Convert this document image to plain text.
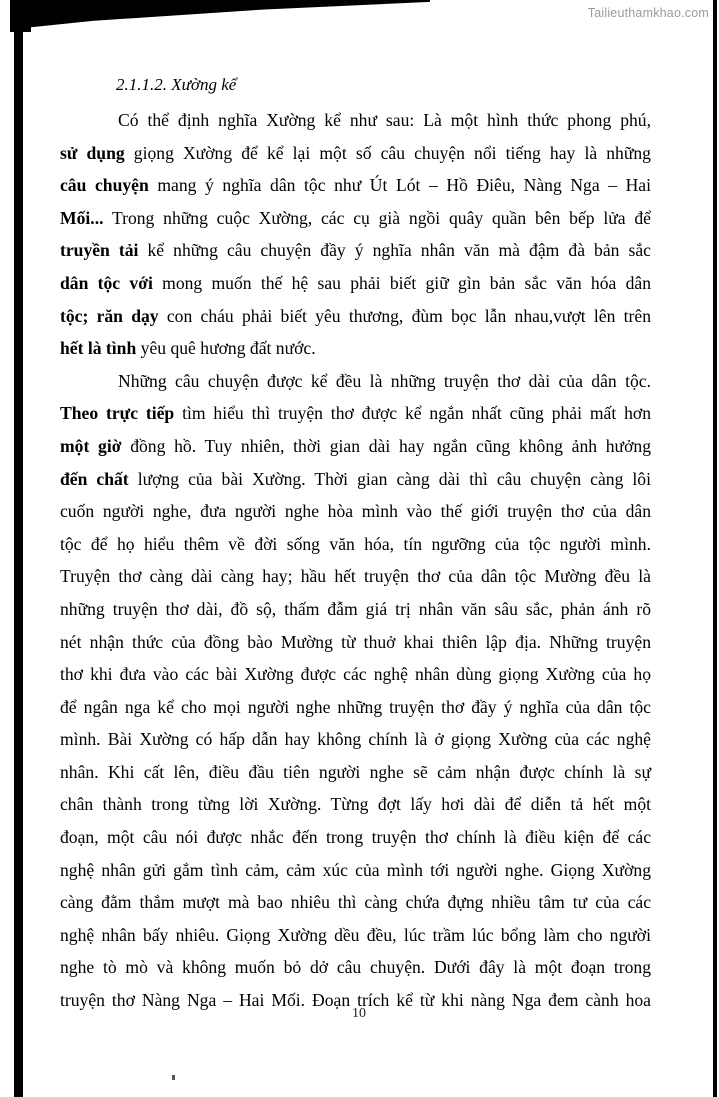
Tailieuthamkhao.com
2.1.1.2. Xường kể
Có thể định nghĩa Xường kể như sau: Là một hình thức phong phú,
sử dụng giọng Xường để kể lại một số câu chuyện nổi tiếng hay là những
câu chuyện mang ý nghĩa dân tộc như Út Lót – Hồ Điêu, Nàng Nga – Hai
Mối... Trong những cuộc Xường, các cụ già ngồi quây quần bên bếp lửa để
truyền tải kể những câu chuyện đầy ý nghĩa nhân văn mà đậm đà bản sắc
dân tộc với mong muốn thế hệ sau phải biết giữ gìn bản sắc văn hóa dân
tộc; răn dạy con cháu phải biết yêu thương, đùm bọc lẫn nhau,vượt lên trên
hết là tình yêu quê hương đất nước.
Những câu chuyện được kể đều là những truyện thơ dài của dân tộc.
Theo trực tiếp tìm hiểu thì truyện thơ được kể ngắn nhất cũng phải mất hơn
một giờ đồng hồ. Tuy nhiên, thời gian dài hay ngắn cũng không ảnh hưởng
đến chất lượng của bài Xường. Thời gian càng dài thì câu chuyện càng lôi
cuốn người nghe, đưa người nghe hòa mình vào thế giới truyện thơ của dân
tộc để họ hiểu thêm về đời sống văn hóa, tín ngưỡng của tộc người mình.
Truyện thơ càng dài càng hay; hầu hết truyện thơ của dân tộc Mường đều là
những truyện thơ dài, đồ sộ, thấm đẫm giá trị nhân văn sâu sắc, phản ánh rõ
nét nhận thức của đồng bào Mường từ thuở khai thiên lập địa. Những truyện
thơ khi đưa vào các bài Xường được các nghệ nhân dùng giọng Xường của họ
để ngân nga kể cho mọi người nghe những truyện thơ đầy ý nghĩa của dân tộc
mình. Bài Xường có hấp dẫn hay không chính là ở giọng Xường của các nghệ
nhân. Khi cất lên, điều đầu tiên người nghe sẽ cảm nhận được chính là sự
chân thành trong từng lời Xường. Từng đợt lấy hơi dài để diễn tả hết một
đoạn, một câu nói được nhắc đến trong truyện thơ chính là điều kiện để các
nghệ nhân gửi gắm tình cảm, cảm xúc của mình tới người nghe. Giọng Xường
càng đằm thắm mượt mà bao nhiêu thì càng chứa đựng nhiều tâm tư của các
nghệ nhân bấy nhiêu. Giọng Xường dều đều, lúc trầm lúc bổng làm cho người
nghe tò mò và không muốn bỏ dở câu chuyện. Dưới đây là một đoạn trong
truyện thơ Nàng Nga – Hai Mối. Đoạn trích kể từ khi nàng Nga đem cành hoa
10
